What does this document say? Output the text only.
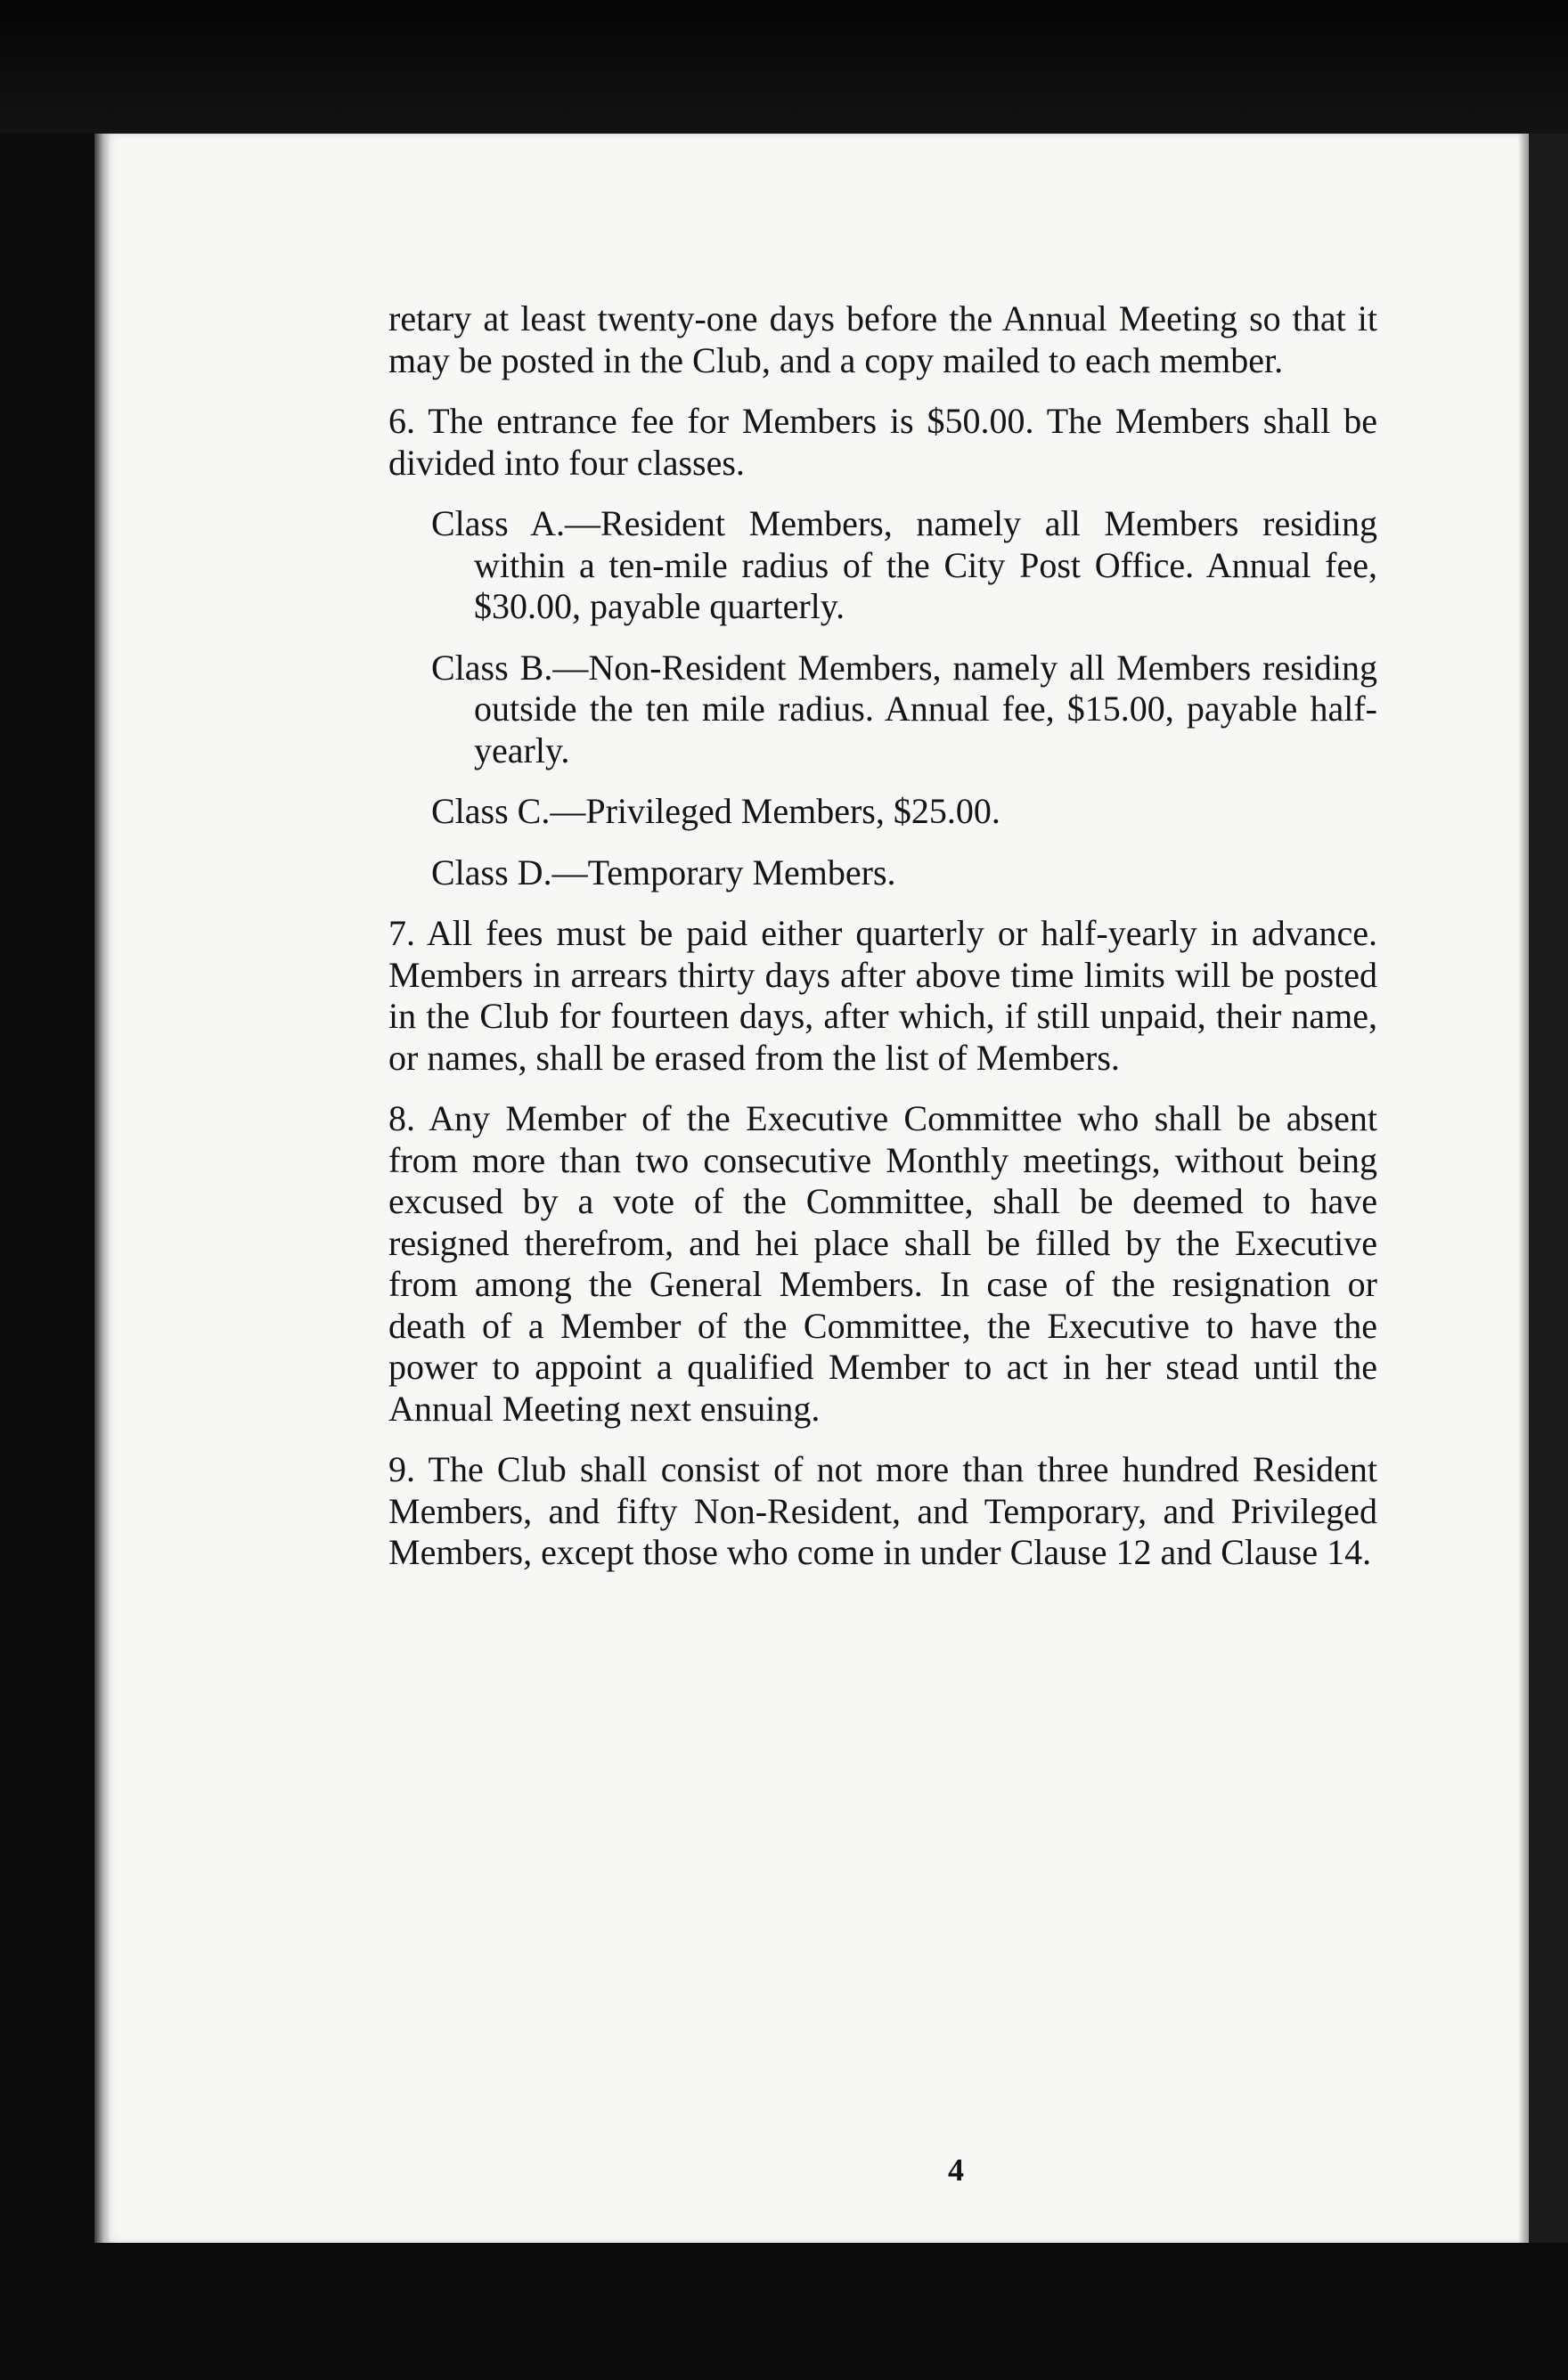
4

retary at least twenty-one days before the Annual Meeting so that it may be posted in the Club, and a copy mailed to each member.

6. The entrance fee for Members is $50.00. The Members shall be divided into four classes.

Class A.—Resident Members, namely all Members residing within a ten-mile radius of the City Post Office. Annual fee, $30.00, payable quarterly.

Class B.—Non-Resident Members, namely all Members residing outside the ten mile radius. Annual fee, $15.00, payable half-yearly.

Class C.—Privileged Members, $25.00.

Class D.—Temporary Members.

7. All fees must be paid either quarterly or half-yearly in advance. Members in arrears thirty days after above time limits will be posted in the Club for fourteen days, after which, if still unpaid, their name, or names, shall be erased from the list of Members.

8. Any Member of the Executive Committee who shall be absent from more than two consecutive Monthly meetings, without being excused by a vote of the Committee, shall be deemed to have resigned therefrom, and hei place shall be filled by the Executive from among the General Members. In case of the resignation or death of a Member of the Committee, the Executive to have the power to appoint a qualified Member to act in her stead until the Annual Meeting next ensuing.

9. The Club shall consist of not more than three hundred Resident Members, and fifty Non-Resident, and Temporary, and Privileged Members, except those who come in under Clause 12 and Clause 14.
